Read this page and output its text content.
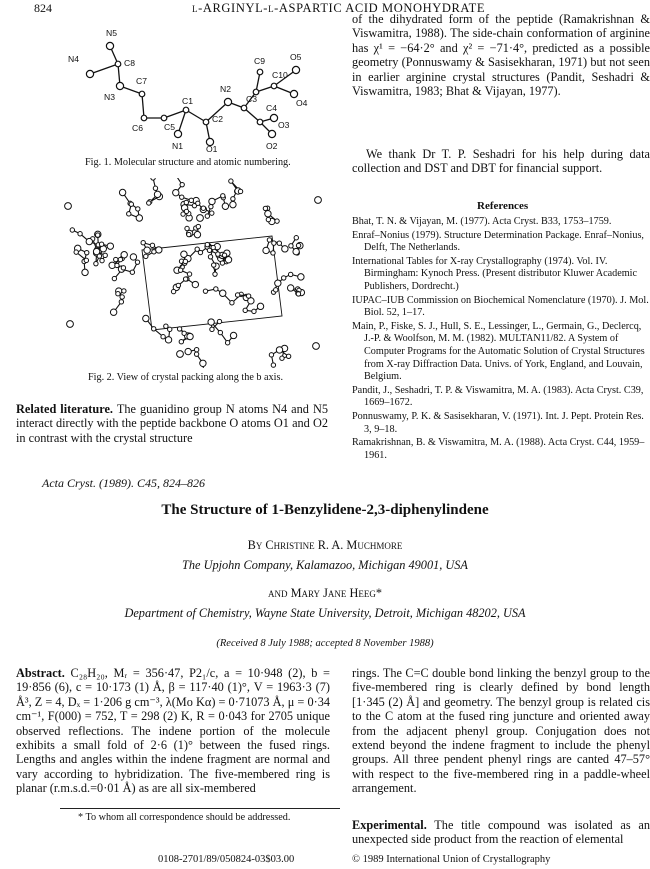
824	l-ARGINYL-l-ASPARTIC ACID MONOHYDRATE
N5
N4	C8
N3
C7
C6 C5
C1
N1	O1
C2
N2
C3
C4
O2
C9
C10
O5
O4
O3
Fig. 1. Molecular structure and atomic numbering.
Fig. 2. View of crystal packing along the b axis.
Related literature. The guanidino group N atoms N4 and N5 interact directly with the peptide backbone O atoms O1 and O2 in contrast with the crystal structure
of the dihydrated form of the peptide (Ramakrishnan & Viswamitra, 1988). The side-chain conformation of arginine has χ¹ = −64·2° and χ² = −71·4°, predicted as a possible geometry (Ponnuswamy & Sasisekharan, 1971) but not seen in earlier arginine crystal structures (Pandit, Seshadri & Viswamitra, 1983; Bhat & Vijayan, 1977).
We thank Dr T. P. Seshadri for his help during data collection and DST and DBT for financial support.
References

Bhat, T. N. & Vijayan, M. (1977). Acta Cryst. B33, 1753–1759.

Enraf–Nonius (1979). Structure Determination Package. Enraf–Nonius, Delft, The Netherlands.

International Tables for X-ray Crystallography (1974). Vol. IV. Birmingham: Kynoch Press. (Present distributor Kluwer Academic Publishers, Dordrecht.)

IUPAC–IUB Commission on Biochemical Nomenclature (1970). J. Mol. Biol. 52, 1–17.

Main, P., Fiske, S. J., Hull, S. E., Lessinger, L., Germain, G., Declercq, J.-P. & Woolfson, M. M. (1982). MULTAN11/82. A System of Computer Programs for the Automatic Solution of Crystal Structures from X-ray Diffraction Data. Univs. of York, England, and Louvain, Belgium.

Pandit, J., Seshadri, T. P. & Viswamitra, M. A. (1983). Acta Cryst. C39, 1669–1672.

Ponnuswamy, P. K. & Sasisekharan, V. (1971). Int. J. Pept. Protein Res. 3, 9–18.

Ramakrishnan, B. & Viswamitra, M. A. (1988). Acta Cryst. C44, 1959–1961.

Acta Cryst. (1989). C45, 824–826
The Structure of 1-Benzylidene-2,3-diphenylindene
By Christine R. A. Muchmore
The Upjohn Company, Kalamazoo, Michigan 49001, USA
and Mary Jane Heeg*
Department of Chemistry, Wayne State University, Detroit, Michigan 48202, USA
(Received 8 July 1988; accepted 8 November 1988)
Abstract. C₂₈H₂₀, Mᵣ = 356·47, P2₁/c, a = 10·948 (2), b = 19·856 (6), c = 10·173 (1) Å, β = 117·40 (1)°, V = 1963·3 (7) Å³, Z = 4, Dₓ = 1·206 g cm⁻³, λ(Mo Kα) = 0·71073 Å, μ = 0·34 cm⁻¹, F(000) = 752, T = 298 (2) K, R = 0·043 for 2705 unique observed reflections. The indene portion of the molecule exhibits a small fold of 2·6 (1)° between the fused rings. Lengths and angles within the indene fragment are normal and vary according to hybridization. The five-membered ring is planar (r.m.s.d.=0·01 Å) as are all six-membered
rings. The C=C double bond linking the benzyl group to the five-membered ring is clearly defined by bond length [1·345 (2) Å] and geometry. The benzyl group is related cis to the C atom at the fused ring juncture and oriented away from the adjacent phenyl group. Conjugation does not extend beyond the indene fragment to include the phenyl groups. All three pendent phenyl rings are canted 47–57° with respect to the five-membered ring in a paddle-wheel arrangement.
Experimental. The title compound was isolated as an unexpected side product from the reaction of elemental
* To whom all correspondence should be addressed.
0108-2701/89/050824-03$03.00	© 1989 International Union of Crystallography
